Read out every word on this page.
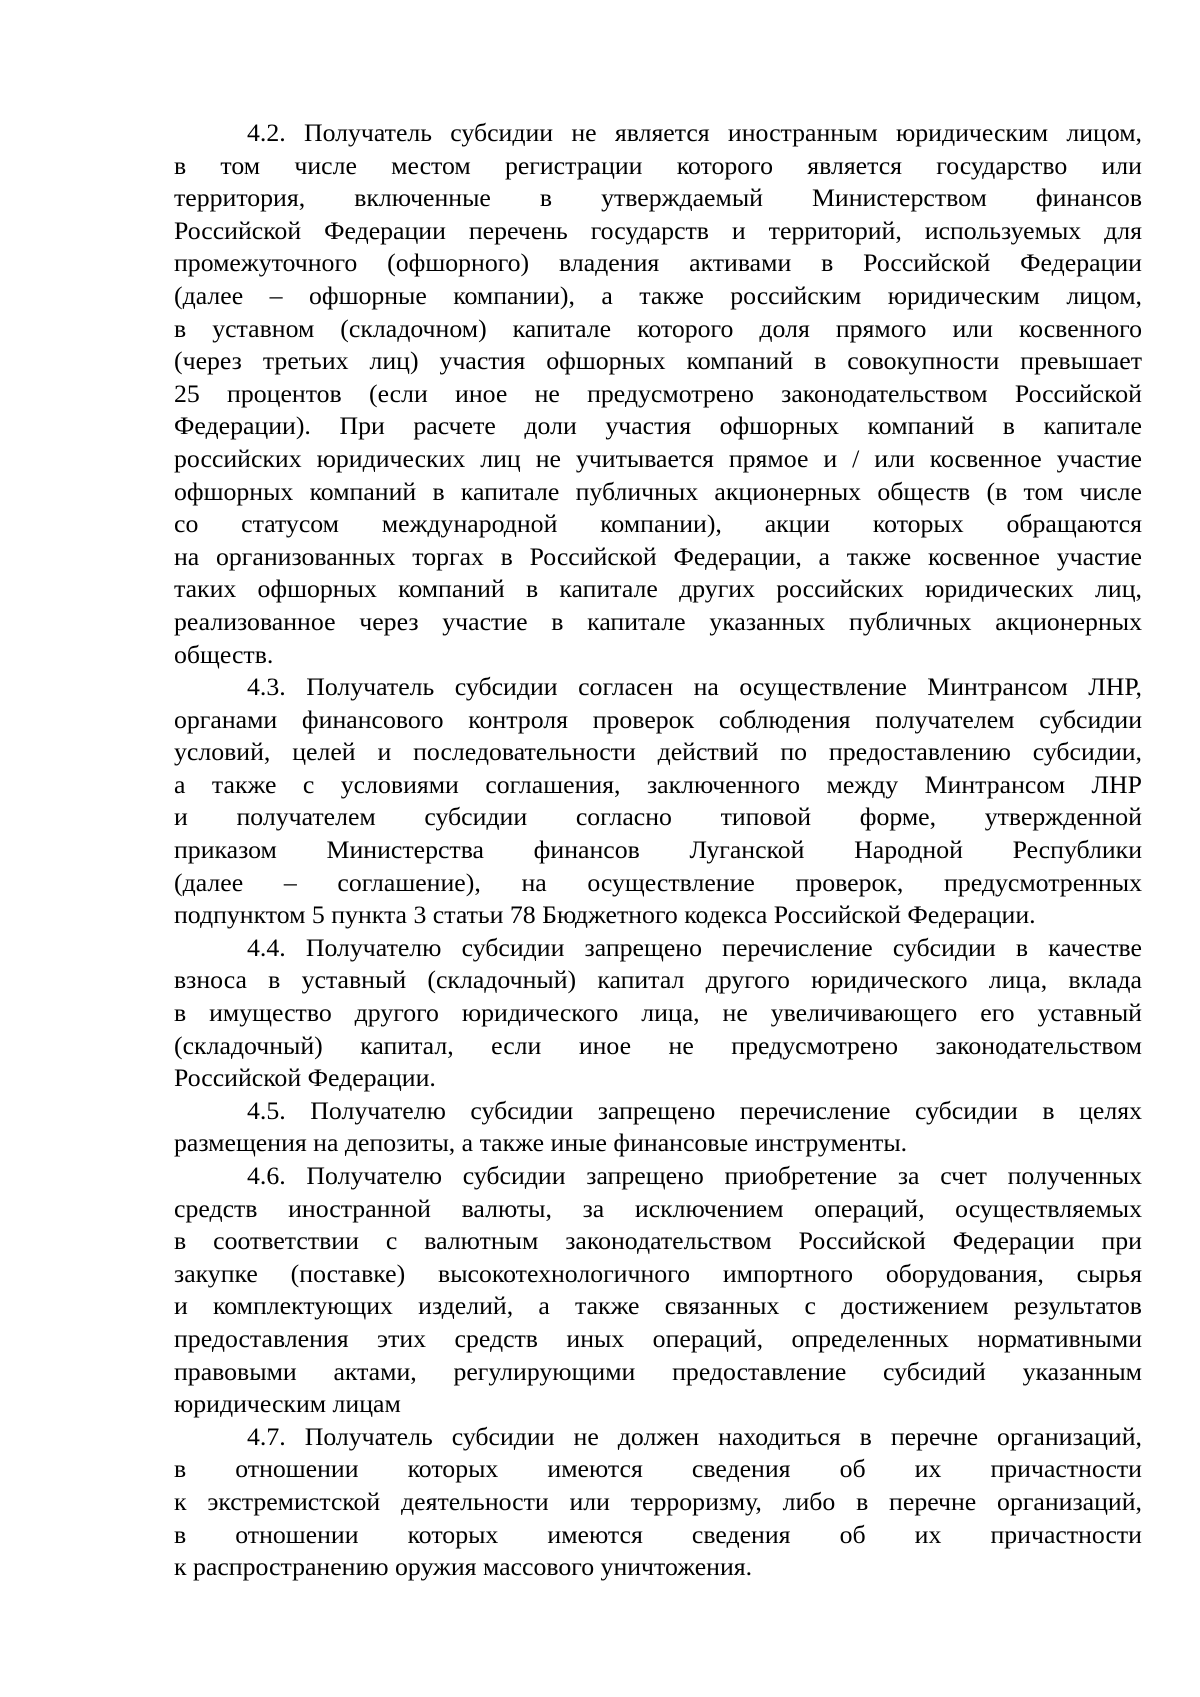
4.2. Получатель субсидии не является иностранным юридическим лицом,
в том числе местом регистрации которого является государство или
территория, включенные в утверждаемый Министерством финансов
Российской Федерации перечень государств и территорий, используемых для
промежуточного (офшорного) владения активами в Российской Федерации
(далее – офшорные компании), а также российским юридическим лицом,
в уставном (складочном) капитале которого доля прямого или косвенного
(через третьих лиц) участия офшорных компаний в совокупности превышает
25 процентов (если иное не предусмотрено законодательством Российской
Федерации). При расчете доли участия офшорных компаний в капитале
российских юридических лиц не учитывается прямое и / или косвенное участие
офшорных компаний в капитале публичных акционерных обществ (в том числе
со статусом международной компании), акции которых обращаются
на организованных торгах в Российской Федерации, а также косвенное участие
таких офшорных компаний в капитале других российских юридических лиц,
реализованное через участие в капитале указанных публичных акционерных
обществ.
4.3. Получатель субсидии согласен на осуществление Минтрансом ЛНР,
органами финансового контроля проверок соблюдения получателем субсидии
условий, целей и последовательности действий по предоставлению субсидии,
а также с условиями соглашения, заключенного между Минтрансом ЛНР
и получателем субсидии согласно типовой форме, утвержденной
приказом Министерства финансов Луганской Народной Республики
(далее – соглашение), на осуществление проверок, предусмотренных
подпунктом 5 пункта 3 статьи 78 Бюджетного кодекса Российской Федерации.
4.4. Получателю субсидии запрещено перечисление субсидии в качестве
взноса в уставный (складочный) капитал другого юридического лица, вклада
в имущество другого юридического лица, не увеличивающего его уставный
(складочный) капитал, если иное не предусмотрено законодательством
Российской Федерации.
4.5. Получателю субсидии запрещено перечисление субсидии в целях
размещения на депозиты, а также иные финансовые инструменты.
4.6. Получателю субсидии запрещено приобретение за счет полученных
средств иностранной валюты, за исключением операций, осуществляемых
в соответствии с валютным законодательством Российской Федерации при
закупке (поставке) высокотехнологичного импортного оборудования, сырья
и комплектующих изделий, а также связанных с достижением результатов
предоставления этих средств иных операций, определенных нормативными
правовыми актами, регулирующими предоставление субсидий указанным
юридическим лицам
4.7. Получатель субсидии не должен находиться в перечне организаций,
в отношении которых имеются сведения об их причастности
к экстремистской деятельности или терроризму, либо в перечне организаций,
в отношении которых имеются сведения об их причастности
к распространению оружия массового уничтожения.
